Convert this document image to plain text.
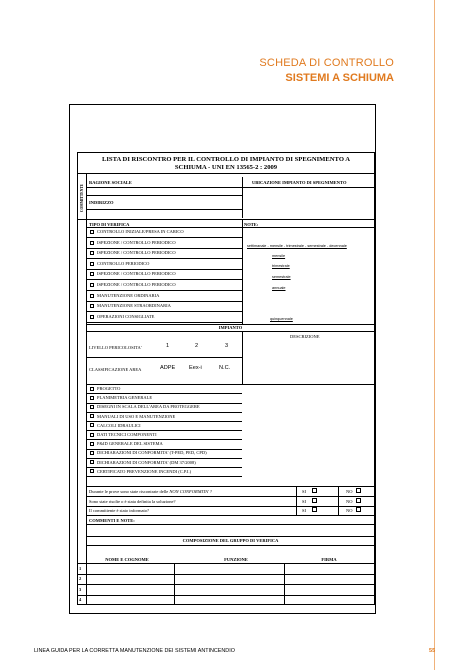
SCHEDA DI CONTROLLO
SISTEMI A SCHIUMA
LISTA DI RISCONTRO PER IL CONTROLLO DI IMPIANTO DI SPEGNIMENTO A
SCHIUMA - UNI EN 13565-2 : 2009
COMMITTENTE
RAGIONE SOCIALE	UBICAZIONE IMPIANTO DI SPEGNIMENTO
INDIRIZZO
TIPO DI VERIFICA	NOTE:
settimanale - mensile - trimestrale - semestrale - decennale
mensile
trimestrale
semestrale
annuale
quinquennale
IMPIANTO
DESCRIZIONE
LIVELLO PERICOLOSITA'	1	2	3
CLASSIFICAZIONE AREA	ADPE Eex-i	N.C.
COMMENTI E NOTE:
COMPOSIZIONE DEL GRUPPO DI VERIFICA
NOME E COGNOME	FUNZIONE	FIRMA
LINEA GUIDA PER LA CORRETTA MANUTENZIONE DEI SISTEMI ANTINCENDIO	55
CONTROLLO INIZIALE/PRESA IN CARICO
ISPEZIONE / CONTROLLO PERIODICO
ISPEZIONE / CONTROLLO PERIODICO
CONTROLLO PERIODICO
ISPEZIONE / CONTROLLO PERIODICO
ISPEZIONE / CONTROLLO PERIODICO
MANUTENZIONE ORDINARIA
MANUTENZIONE STRAORDINARIA
OPERAZIONI CONSIGLIATE
PROGETTO
PLANIMETRIA GENERALE
DISEGNI IN SCALA DELL'AREA DA PROTEGGERE
MANUALI DI USO E MANUTENZIONE
CALCOLI IDRAULICI
DATI TECNICI COMPONENTI
P&ID GENERALE DEL SISTEMA
DICHIARAZIONI DI CONFORMITA' (T-PED, PED, CPD)
DICHIARAZIONI DI CONFORMITA' (DM 37/2008)
CERTIFICATO PREVENZIONE INCENDI (C.P.I.)
Durante le prove sono state riscontrate delle NON CONFORMITA' ?	SI	NO
Sono state risolte o è stata definita la soluzione?	SI	NO
Il committente è stato informato?	SI	NO
1
2
3
4
